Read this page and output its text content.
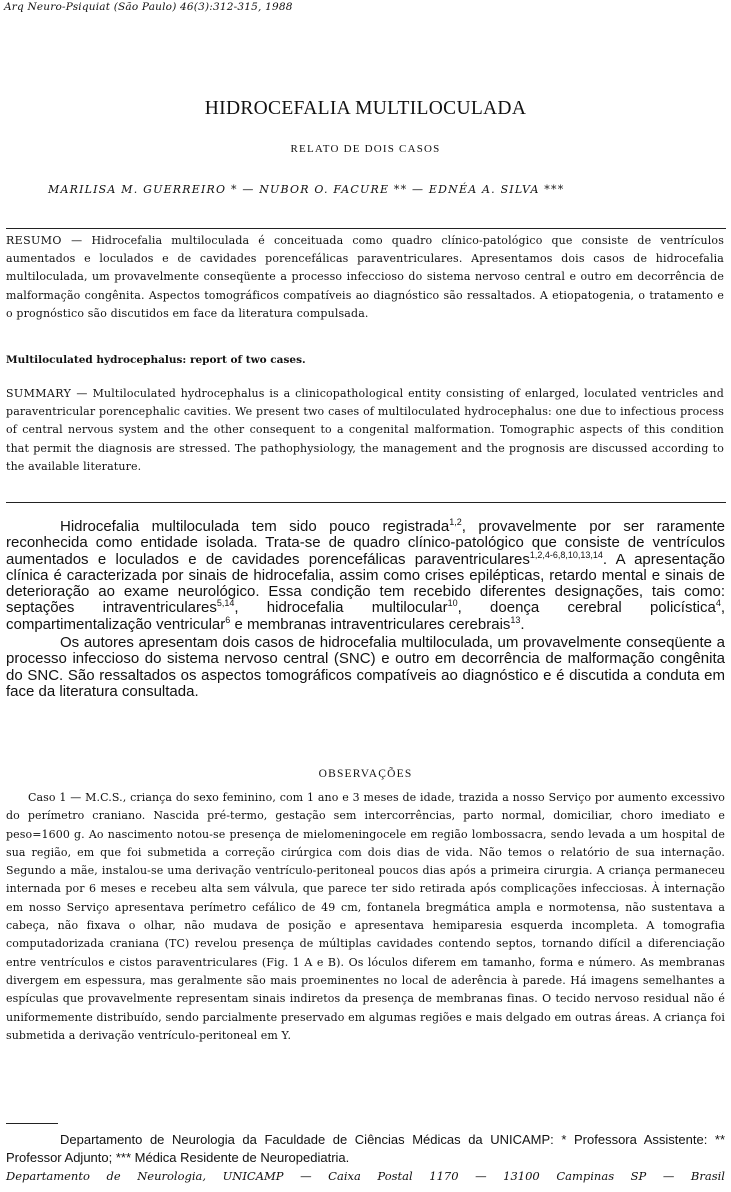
Arq Neuro-Psiquiat (São Paulo) 46(3):312-315, 1988
HIDROCEFALIA MULTILOCULADA
RELATO DE DOIS CASOS
MARILISA M. GUERREIRO * — NUBOR O. FACURE ** — EDNÉA A. SILVA ***
RESUMO — Hidrocefalia multiloculada é conceituada como quadro clínico-patológico que consiste de ventrículos aumentados e loculados e de cavidades porencefálicas paraventriculares. Apresentamos dois casos de hidrocefalia multiloculada, um provavelmente conseqüente a processo infeccioso do sistema nervoso central e outro em decorrência de malformação congênita. Aspectos tomográficos compatíveis ao diagnóstico são ressaltados. A etiopatogenia, o tratamento e o prognóstico são discutidos em face da literatura compulsada.
Multiloculated hydrocephalus: report of two cases.
SUMMARY — Multiloculated hydrocephalus is a clinicopathological entity consisting of enlarged, loculated ventricles and paraventricular porencephalic cavities. We present two cases of multiloculated hydrocephalus: one due to infectious process of central nervous system and the other consequent to a congenital malformation. Tomographic aspects of this condition that permit the diagnosis are stressed. The pathophysiology, the management and the prognosis are discussed according to the available literature.

Hidrocefalia multiloculada tem sido pouco registrada$^{1,2}$, provavelmente por ser raramente reconhecida como entidade isolada. Trata-se de quadro clínico-patológico que consiste de ventrículos aumentados e loculados e de cavidades porencefálicas paraventriculares$^{1,2,4-6,8,10,13,14}$. A apresentação clínica é caracterizada por sinais de hidrocefalia, assim como crises epilépticas, retardo mental e sinais de deterioração ao exame neurológico. Essa condição tem recebido diferentes designações, tais como: septações intraventriculares$^{5,14}$, hidrocefalia multilocular$^{10}$, doença cerebral policística$^4$, compartimentalização ventricular$^6$ e membranas intraventriculares cerebrais$^{13}$.

Os autores apresentam dois casos de hidrocefalia multiloculada, um provavelmente conseqüente a processo infeccioso do sistema nervoso central (SNC) e outro em decorrência de malformação congênita do SNC. São ressaltados os aspectos tomográficos compatíveis ao diagnóstico e é discutida a conduta em face da literatura consultada.

OBSERVAÇÕES

Caso 1 — M.C.S., criança do sexo feminino, com 1 ano e 3 meses de idade, trazida a nosso Serviço por aumento excessivo do perímetro craniano. Nascida pré-termo, gestação sem intercorrências, parto normal, domiciliar, choro imediato e peso=1600 g. Ao nascimento notou-se presença de mielomeningocele em região lombossacra, sendo levada a um hospital de sua região, em que foi submetida a correção cirúrgica com dois dias de vida. Não temos o relatório de sua internação. Segundo a mãe, instalou-se uma derivação ventrículo-peritoneal poucos dias após a primeira cirurgia. A criança permaneceu internada por 6 meses e recebeu alta sem válvula, que parece ter sido retirada após complicações infecciosas. À internação em nosso Serviço apresentava perímetro cefálico de 49 cm, fontanela bregmática ampla e normotensa, não sustentava a cabeça, não fixava o olhar, não mudava de posição e apresentava hemiparesia esquerda incompleta. A tomografia computadorizada craniana (TC) revelou presença de múltiplas cavidades contendo septos, tornando difícil a diferenciação entre ventrículos e cistos paraventriculares (Fig. 1 A e B). Os lóculos diferem em tamanho, forma e número. As membranas divergem em espessura, mas geralmente são mais proeminentes no local de aderência à parede. Há imagens semelhantes a espículas que provavelmente representam sinais indiretos da presença de membranas finas. O tecido nervoso residual não é uniformemente distribuído, sendo parcialmente preservado em algumas regiões e mais delgado em outras áreas. A criança foi submetida a derivação ventrículo-peritoneal em Y.

Departamento de Neurologia da Faculdade de Ciências Médicas da UNICAMP: * Professora Assistente: ** Professor Adjunto; *** Médica Residente de Neuropediatria.

Departamento de Neurologia, UNICAMP — Caixa Postal 1170 — 13100 Campinas SP — Brasil
